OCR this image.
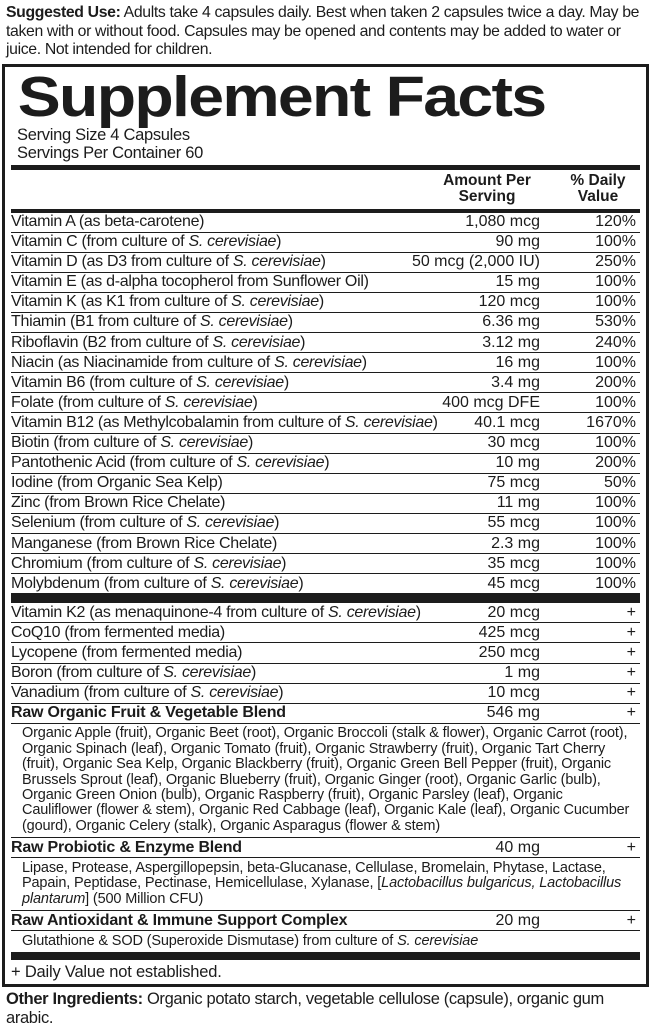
Suggested Use: Adults take 4 capsules daily. Best when taken 2 capsules twice a day. May be taken with or without food. Capsules may be opened and contents may be added to water or juice. Not intended for children.

Supplement Facts
Serving Size 4 Capsules
Servings Per Container 60
Amount Per Serving
% Daily Value
Vitamin A (as beta-carotene)	1,080 mcg	120%
Vitamin C (from culture of S. cerevisiae)	90 mg	100%
Vitamin D (as D3 from culture of S. cerevisiae)	50 mcg (2,000 IU)	250%
Vitamin E (as d-alpha tocopherol from Sunflower Oil)	15 mg	100%
Vitamin K (as K1 from culture of S. cerevisiae)	120 mcg	100%
Thiamin (B1 from culture of S. cerevisiae)	6.36 mg	530%
Riboflavin (B2 from culture of S. cerevisiae)	3.12 mg	240%
Niacin (as Niacinamide from culture of S. cerevisiae)	16 mg	100%
Vitamin B6 (from culture of S. cerevisiae)	3.4 mg	200%
Folate (from culture of S. cerevisiae)	400 mcg DFE	100%
Vitamin B12 (as Methylcobalamin from culture of S. cerevisiae)	40.1 mcg	1670%
Biotin (from culture of S. cerevisiae)	30 mcg	100%
Pantothenic Acid (from culture of S. cerevisiae)	10 mg	200%
Iodine (from Organic Sea Kelp)	75 mcg	50%
Zinc (from Brown Rice Chelate)	11 mg	100%
Selenium (from culture of S. cerevisiae)	55 mcg	100%
Manganese (from Brown Rice Chelate)	2.3 mg	100%
Chromium (from culture of S. cerevisiae)	35 mcg	100%
Molybdenum (from culture of S. cerevisiae)	45 mcg	100%
Vitamin K2 (as menaquinone-4 from culture of S. cerevisiae)	20 mcg	+
CoQ10 (from fermented media)	425 mcg	+
Lycopene (from fermented media)	250 mcg	+
Boron (from culture of S. cerevisiae)	1 mg	+
Vanadium (from culture of S. cerevisiae)	10 mcg	+
Raw Organic Fruit & Vegetable Blend	546 mg	+
Organic Apple (fruit), Organic Beet (root), Organic Broccoli (stalk & flower), Organic Carrot (root), Organic Spinach (leaf), Organic Tomato (fruit), Organic Strawberry (fruit), Organic Tart Cherry (fruit), Organic Sea Kelp, Organic Blackberry (fruit), Organic Green Bell Pepper (fruit), Organic Brussels Sprout (leaf), Organic Blueberry (fruit), Organic Ginger (root), Organic Garlic (bulb), Organic Green Onion (bulb), Organic Raspberry (fruit), Organic Parsley (leaf), Organic Cauliflower (flower & stem), Organic Red Cabbage (leaf), Organic Kale (leaf), Organic Cucumber (gourd), Organic Celery (stalk), Organic Asparagus (flower & stem)
Raw Probiotic & Enzyme Blend	40 mg	+
Lipase, Protease, Aspergillopepsin, beta-Glucanase, Cellulase, Bromelain, Phytase, Lactase, Papain, Peptidase, Pectinase, Hemicellulase, Xylanase, [Lactobacillus bulgaricus, Lactobacillus plantarum] (500 Million CFU)
Raw Antioxidant & Immune Support Complex	20 mg	+
Glutathione & SOD (Superoxide Dismutase) from culture of S. cerevisiae
+ Daily Value not established.

Other Ingredients: Organic potato starch, vegetable cellulose (capsule), organic gum arabic.
